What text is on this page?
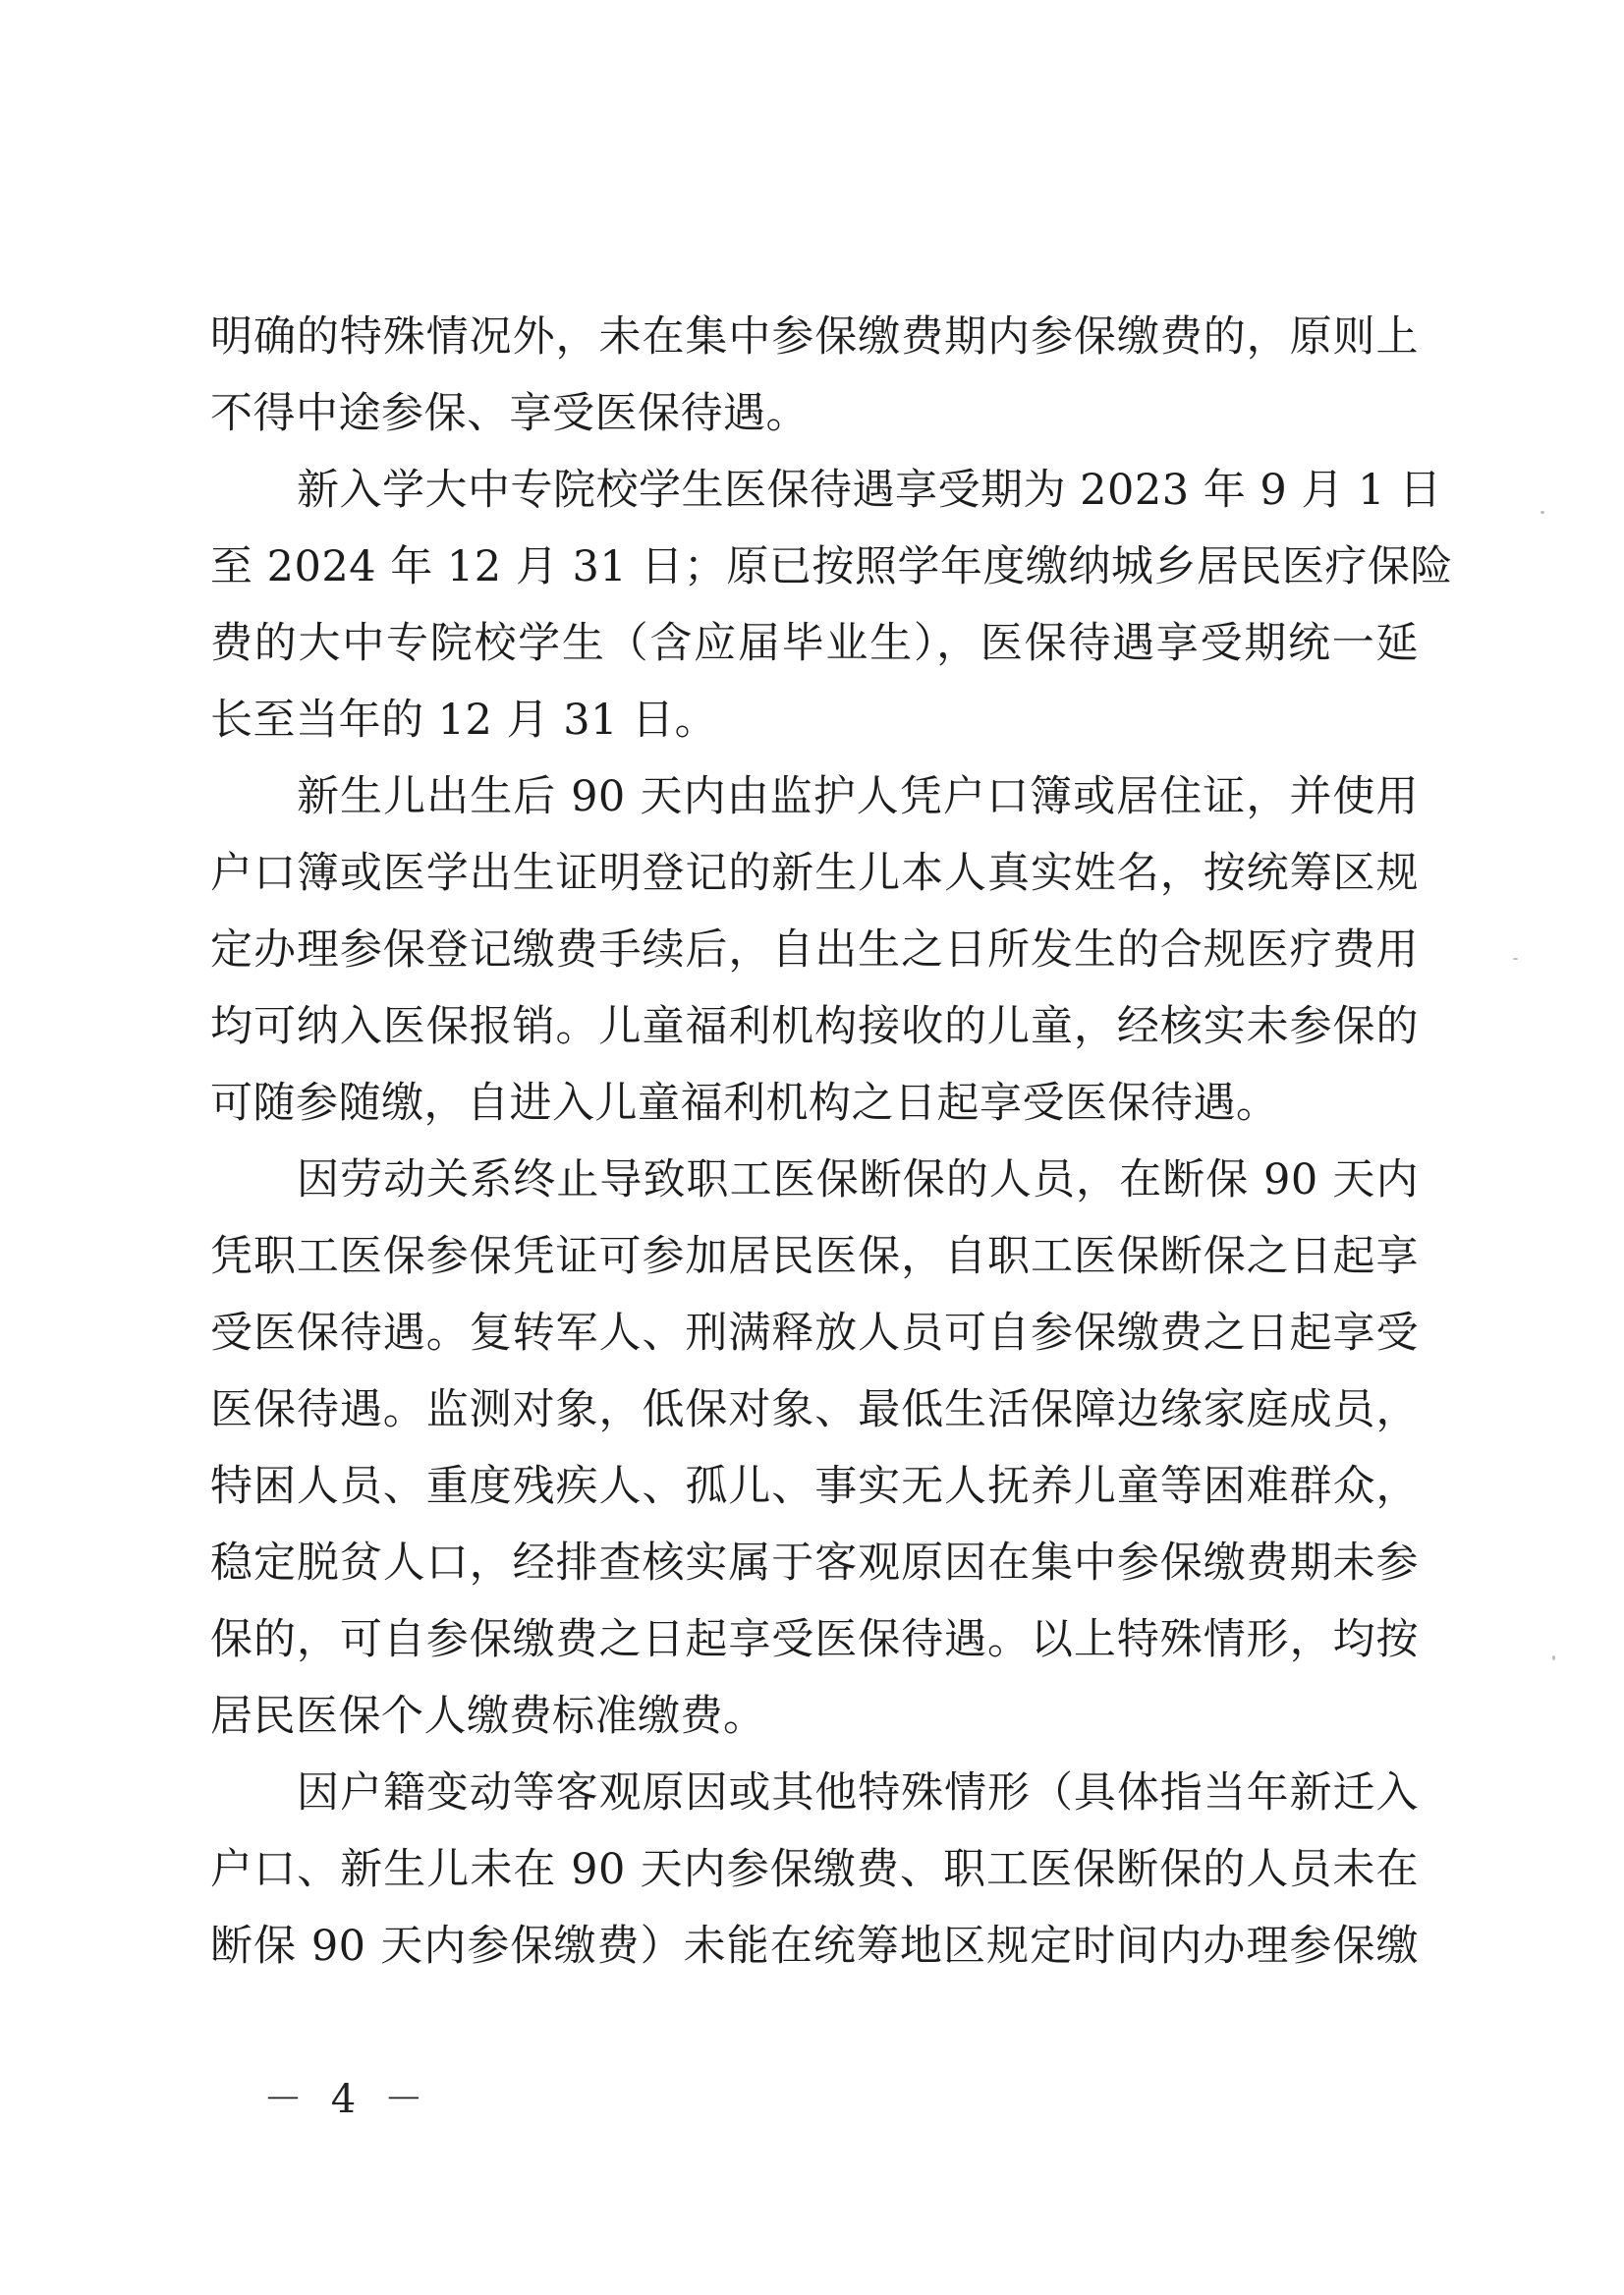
明确的特殊情况外，未在集中参保缴费期内参保缴费的，原则上
不得中途参保、享受医保待遇。
新入学大中专院校学生医保待遇享受期为 2023 年 9 月 1 日
至 2024 年 12 月 31 日；原已按照学年度缴纳城乡居民医疗保险
费的大中专院校学生（含应届毕业生），医保待遇享受期统一延
长至当年的 12 月 31 日。
新生儿出生后 90 天内由监护人凭户口簿或居住证，并使用
户口簿或医学出生证明登记的新生儿本人真实姓名，按统筹区规
定办理参保登记缴费手续后，自出生之日所发生的合规医疗费用
均可纳入医保报销。儿童福利机构接收的儿童，经核实未参保的
可随参随缴，自进入儿童福利机构之日起享受医保待遇。
因劳动关系终止导致职工医保断保的人员，在断保 90 天内
凭职工医保参保凭证可参加居民医保，自职工医保断保之日起享
受医保待遇。复转军人、刑满释放人员可自参保缴费之日起享受
医保待遇。监测对象，低保对象、最低生活保障边缘家庭成员，
特困人员、重度残疾人、孤儿、事实无人抚养儿童等困难群众，
稳定脱贫人口，经排查核实属于客观原因在集中参保缴费期未参
保的，可自参保缴费之日起享受医保待遇。以上特殊情形，均按
居民医保个人缴费标准缴费。
因户籍变动等客观原因或其他特殊情形（具体指当年新迁入
户口、新生儿未在 90 天内参保缴费、职工医保断保的人员未在
断保 90 天内参保缴费）未能在统筹地区规定时间内办理参保缴
－ 4 －
